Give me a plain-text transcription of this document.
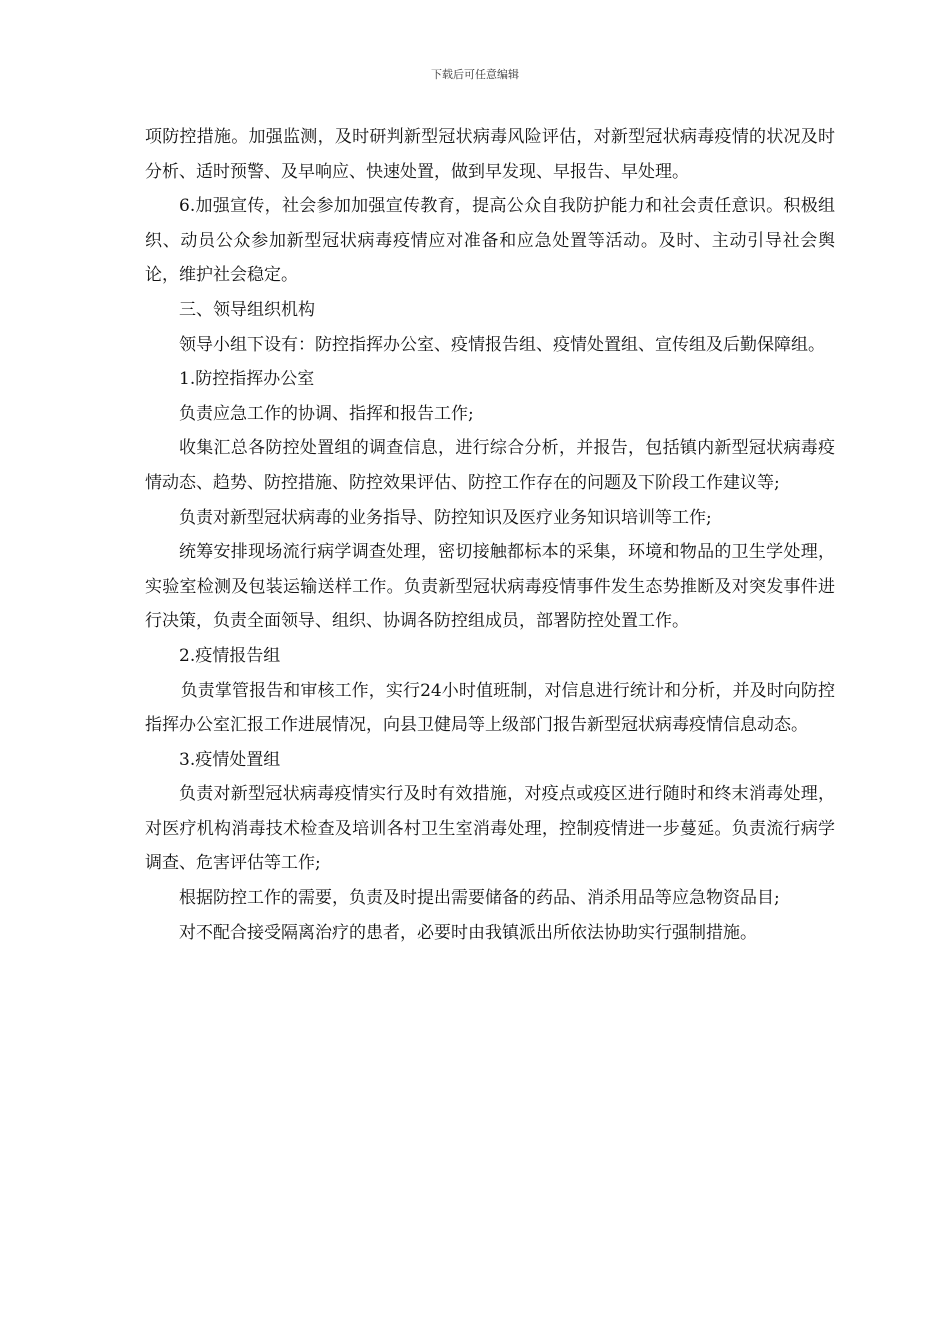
下载后可任意编辑

项防控措施。加强监测，及时研判新型冠状病毒风险评估，对新型冠状病毒疫情的状况及时分析、适时预警、及早响应、快速处置，做到早发现、早报告、早处理。

6.加强宣传，社会参加加强宣传教育，提高公众自我防护能力和社会责任意识。积极组织、动员公众参加新型冠状病毒疫情应对准备和应急处置等活动。及时、主动引导社会舆论，维护社会稳定。

三、领导组织机构

领导小组下设有：防控指挥办公室、疫情报告组、疫情处置组、宣传组及后勤保障组。

1.防控指挥办公室

负责应急工作的协调、指挥和报告工作;

收集汇总各防控处置组的调查信息，进行综合分析，并报告，包括镇内新型冠状病毒疫情动态、趋势、防控措施、防控效果评估、防控工作存在的问题及下阶段工作建议等;

负责对新型冠状病毒的业务指导、防控知识及医疗业务知识培训等工作;

统筹安排现场流行病学调查处理，密切接触都标本的采集，环境和物品的卫生学处理，实验室检测及包装运输送样工作。负责新型冠状病毒疫情事件发生态势推断及对突发事件进行决策，负责全面领导、组织、协调各防控组成员，部署防控处置工作。

2.疫情报告组

负责掌管报告和审核工作，实行24小时值班制，对信息进行统计和分析，并及时向防控指挥办公室汇报工作进展情况，向县卫健局等上级部门报告新型冠状病毒疫情信息动态。

3.疫情处置组

负责对新型冠状病毒疫情实行及时有效措施，对疫点或疫区进行随时和终末消毒处理，对医疗机构消毒技术检查及培训各村卫生室消毒处理，控制疫情进一步蔓延。负责流行病学调查、危害评估等工作;

根据防控工作的需要，负责及时提出需要储备的药品、消杀用品等应急物资品目;

对不配合接受隔离治疗的患者，必要时由我镇派出所依法协助实行强制措施。
